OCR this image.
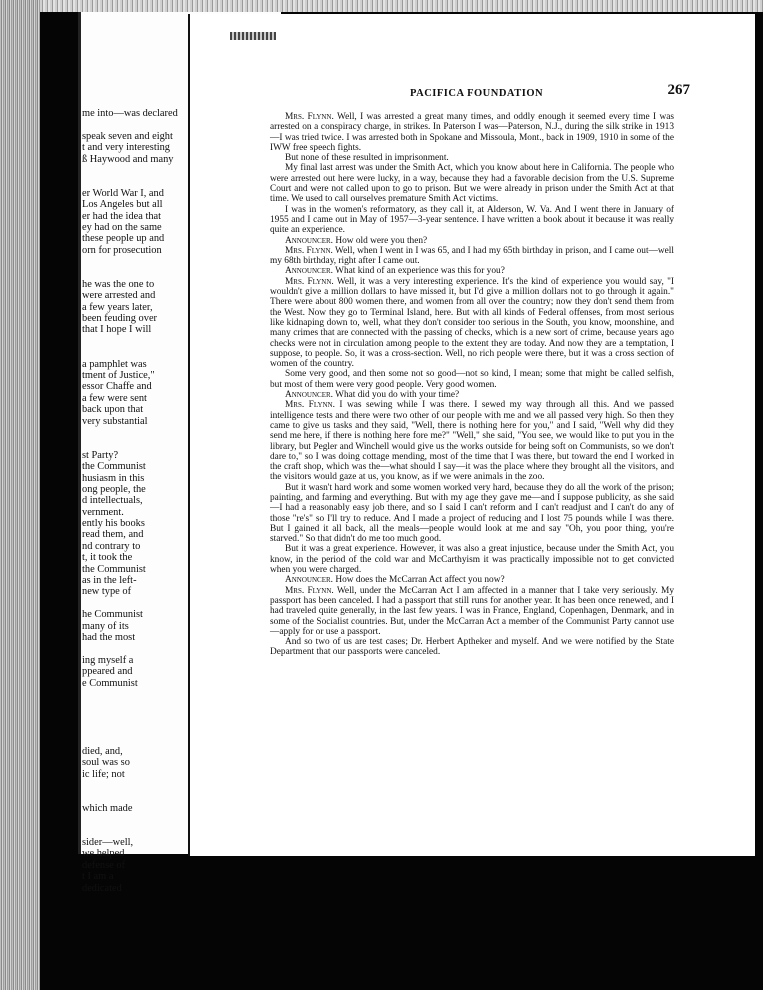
me into—was declared
speak seven and eight
t and very interesting
ß Haywood and many
er World War I, and
Los Angeles but all
er had the idea that
ey had on the same
these people up and
orn for prosecution
he was the one to
were arrested and
a few years later,
been feuding over
that I hope I will
a pamphlet was
tment of Justice,"
essor Chaffe and
a few were sent
back upon that
very substantial
st Party?
the Communist
husiasm in this
ong people, the
d intellectuals,
vernment.
ently his books
read them, and
nd contrary to
t, it took the
the Communist
as in the left-
new type of
he Communist
many of its
had the most
ing myself a
ppeared and
e Communist
died, and,
soul was so
ic life; not
which made
sider—well,
we helped
defense of
t I am a
dedicated
PACIFICA FOUNDATION	267

Mrs. Flynn. Well, I was arrested a great many times, and oddly enough it seemed every time I was arrested on a conspiracy charge, in strikes. In Paterson I was—Paterson, N.J., during the silk strike in 1913—I was tried twice. I was arrested both in Spokane and Missoula, Mont., back in 1909, 1910 in some of the IWW free speech fights.

But none of these resulted in imprisonment.

My final last arrest was under the Smith Act, which you know about here in California. The people who were arrested out here were lucky, in a way, because they had a favorable decision from the U.S. Supreme Court and were not called upon to go to prison. But we were already in prison under the Smith Act at that time. We used to call ourselves premature Smith Act victims.

I was in the women's reformatory, as they call it, at Alderson, W. Va. And I went there in January of 1955 and I came out in May of 1957—3-year sentence. I have written a book about it because it was really quite an experience.

Announcer. How old were you then?

Mrs. Flynn. Well, when I went in I was 65, and I had my 65th birthday in prison, and I came out—well my 68th birthday, right after I came out.

Announcer. What kind of an experience was this for you?

Mrs. Flynn. Well, it was a very interesting experience. It's the kind of experience you would say, "I wouldn't give a million dollars to have missed it, but I'd give a million dollars not to go through it again." There were about 800 women there, and women from all over the country; now they don't send them from the West. Now they go to Terminal Island, here. But with all kinds of Federal offenses, from most serious like kidnaping down to, well, what they don't consider too serious in the South, you know, moonshine, and many crimes that are connected with the passing of checks, which is a new sort of crime, because years ago checks were not in circulation among people to the extent they are today. And now they are a temptation, I suppose, to people. So, it was a cross-section. Well, no rich people were there, but it was a cross section of women of the country.

Some very good, and then some not so good—not so kind, I mean; some that might be called selfish, but most of them were very good people. Very good women.

Announcer. What did you do with your time?

Mrs. Flynn. I was sewing while I was there. I sewed my way through all this. And we passed intelligence tests and there were two other of our people with me and we all passed very high. So then they came to give us tasks and they said, "Well, there is nothing here for you," and I said, "Well why did they send me here, if there is nothing here fore me?" "Well," she said, "You see, we would like to put you in the library, but Pegler and Winchell would give us the works outside for being soft on Communists, so we don't dare to," so I was doing cottage mending, most of the time that I was there, but toward the end I worked in the craft shop, which was the—what should I say—it was the place where they brought all the visitors, and the visitors would gaze at us, you know, as if we were animals in the zoo.

But it wasn't hard work and some women worked very hard, because they do all the work of the prison; painting, and farming and everything. But with my age they gave me—and I suppose publicity, as she said—I had a reasonably easy job there, and so I said I can't reform and I can't readjust and I can't do any of those "re's" so I'll try to reduce. And I made a project of reducing and I lost 75 pounds while I was there. But I gained it all back, all the meals—people would look at me and say "Oh, you poor thing, you're starved." So that didn't do me too much good.

But it was a great experience. However, it was also a great injustice, because under the Smith Act, you know, in the period of the cold war and McCarthyism it was practically impossible not to get convicted when you were charged.

Announcer. How does the McCarran Act affect you now?

Mrs. Flynn. Well, under the McCarran Act I am affected in a manner that I take very seriously. My passport has been canceled. I had a passport that still runs for another year. It has been once renewed, and I had traveled quite generally, in the last few years. I was in France, England, Copenhagen, Denmark, and in some of the Socialist countries. But, under the McCarran Act a member of the Communist Party cannot use—apply for or use a passport.

And so two of us are test cases; Dr. Herbert Aptheker and myself. And we were notified by the State Department that our passports were canceled.
